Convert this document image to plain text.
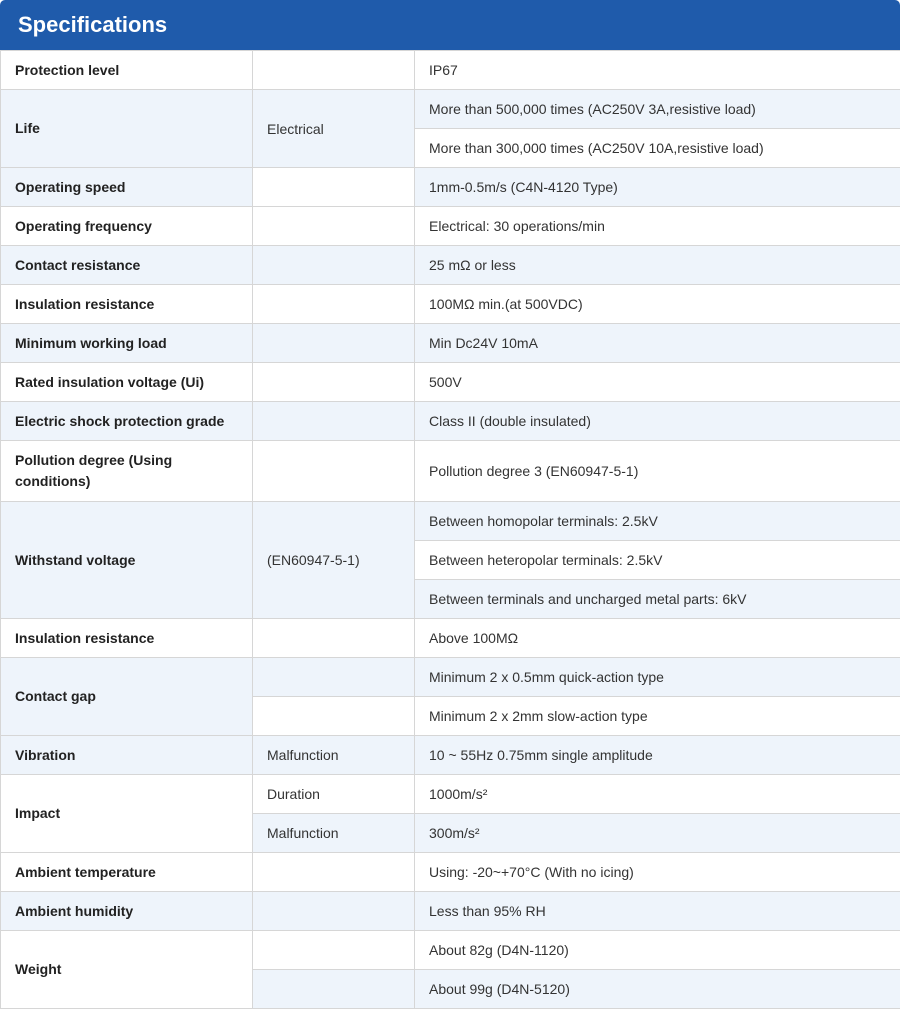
Specifications
Protection level		IP67
Life	Electrical	More than 500,000 times (AC250V 3A,resistive load)
		More than 300,000 times (AC250V 10A,resistive load)
Operating speed		1mm-0.5m/s (C4N-4120 Type)
Operating frequency		Electrical: 30 operations/min
Contact resistance		25 mΩ or less
Insulation resistance		100MΩ min.(at 500VDC)
Minimum working load		Min Dc24V 10mA
Rated insulation voltage (Ui)		500V
Electric shock protection grade		Class II (double insulated)
Pollution degree (Using conditions)		Pollution degree 3 (EN60947-5-1)
Withstand voltage	(EN60947-5-1)	Between homopolar terminals: 2.5kV
		Between heteropolar terminals: 2.5kV
		Between terminals and uncharged metal parts: 6kV
Insulation resistance		Above 100MΩ
Contact gap		Minimum 2 x 0.5mm quick-action type
		Minimum 2 x 2mm slow-action type
Vibration	Malfunction	10 ~ 55Hz 0.75mm single amplitude
Impact	Duration	1000m/s²
	Malfunction	300m/s²
Ambient temperature		Using: -20~+70°C (With no icing)
Ambient humidity		Less than 95% RH
Weight		About 82g (D4N-1120)
		About 99g (D4N-5120)
